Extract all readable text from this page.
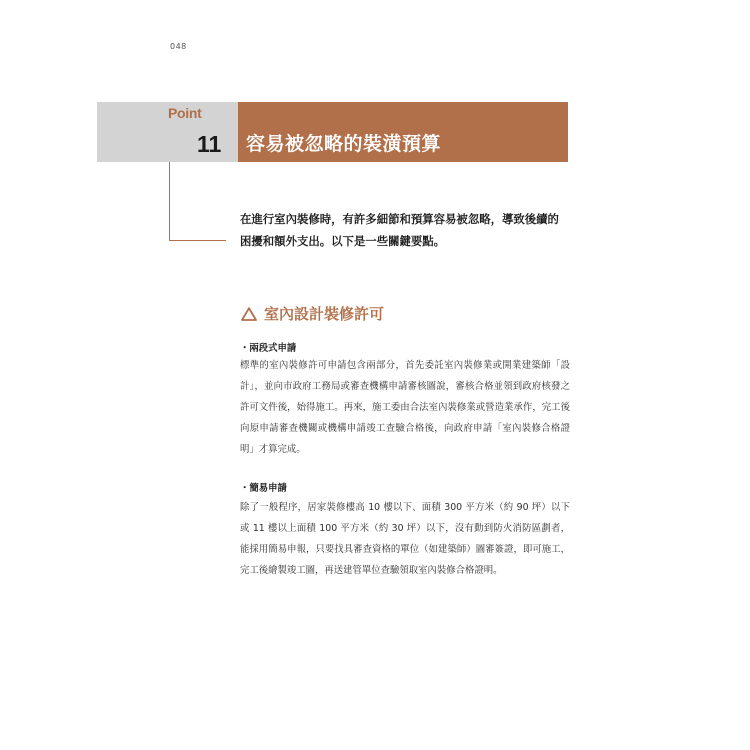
048
Point
11 容易被忽略的裝潢預算
在進行室內裝修時，有許多細節和預算容易被忽略，導致後續的困擾和額外支出。以下是一些關鍵要點。
室內設計裝修許可
・兩段式申請
標準的室內裝修許可申請包含兩部分，首先委託室內裝修業或開業建築師「設計」，並向市政府工務局或審查機構申請審核圖說，審核合格並領到政府核發之許可文件後，始得施工。再來，施工委由合法室內裝修業或營造業承作，完工後向原申請審查機關或機構申請竣工查驗合格後，向政府申請「室內裝修合格證明」才算完成。
・簡易申請
除了一般程序，居家裝修樓高 10 樓以下、面積 300 平方米（約 90 坪）以下或 11 樓以上面積 100 平方米（約 30 坪）以下，沒有動到防火消防區劃者，能採用簡易申報，只要找具審查資格的單位（如建築師）圖審簽證，即可施工，完工後繪製竣工圖，再送建管單位查驗領取室內裝修合格證明。
